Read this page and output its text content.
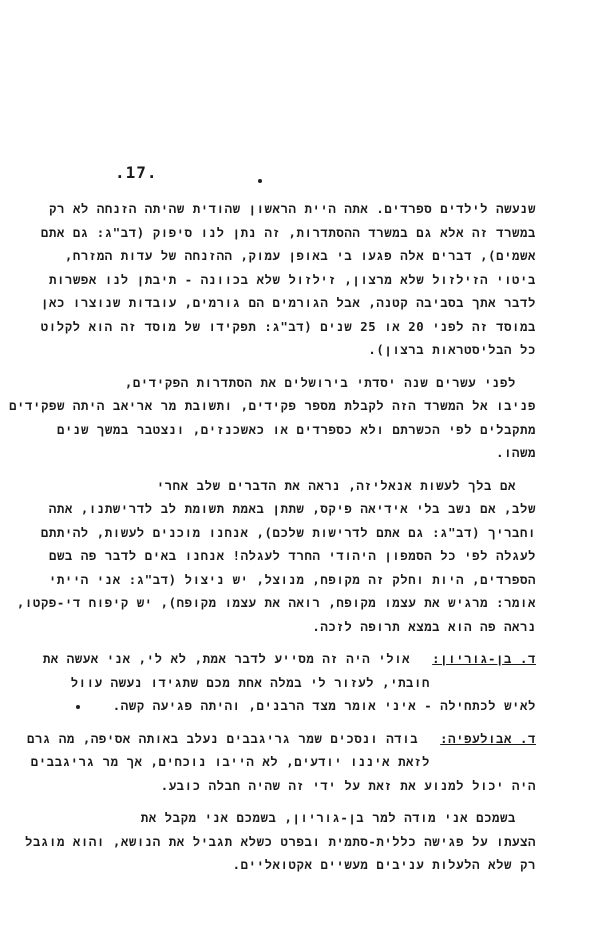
.17.
שנעשה לילדים ספרדים. אתה היית הראשון שהודית שהיתה הזנחה לא רק
במשרד זה אלא גם במשרד ההסתדרות, זה נתן לנו סיפוק (דב"ג: גם אתם
אשמים), דברים אלה פגעו בי באופן עמוק, ההזנחה של עדות המזרח,
ביטוי הזילזול שלא מרצון, זילזול שלא בכוונה - תיבתן לנו אפשרות
לדבר אתך בסביבה קטנה, אבל הגורמים הם גורמים, עובדות שנוצרו כאן
במוסד זה לפני 20 או 25 שנים (דב"ג: תפקידו של מוסד זה הוא לקלוט
כל הבליסטראות ברצון).
לפני עשרים שנה יסדתי בירושלים את הסתדרות הפקידים,
פניבו אל המשרד הזה לקבלת מספר פקידים, ותשובת מר אריאב היתה שפקידים
מתקבלים לפי הכשרתם ולא כספרדים או כאשכנזים, ונצטבר במשך שנים
משהו.
אם בלך לעשות אנאליזה, נראה את הדברים שלב אחרי
שלב, אם נשב בלי אידיאה פיקס, שתתן באמת תשומת לב לדרישתנו, אתה
וחבריך (דב"ג: גם אתם לדרישות שלכם), אנחנו מוכנים לעשות, להיתתם
לעגלה לפי כל הסמפון היהודי החרד לעגלה! אנחנו באים לדבר פה בשם
הספרדים, היות וחלק זה מקופח, מנוצל, יש ניצול (דב"ג: אני הייתי
אומר: מרגיש את עצמו מקופח, רואה את עצמו מקופח), יש קיפוח די-פקטו,
נראה פה הוא במצא תרופה לזכה.
ד. בן-גוריון:אולי היה זה מסייע לדבר אמת, לא לי, אני אעשה את
חובתי, לעזור לי במלה אחת מכם שתגידו נעשה עוול
לאיש לכתחילה - איני אומר מצד הרבנים, והיתה פגיעה קשה.
ד. אבולעפיה:בודה ונסכים שמר גריגבבים נעלב באותה אסיפה, מה גרם
לזאת איננו יודעים, לא הייבו נוכחים, אך מר גריגבבים
היה יכול למנוע את זאת על ידי זה שהיה חבלה כובע.
בשמכם אני מודה למר בן-גוריון, בשמכם אני מקבל את
הצעתו על פגישה כללית-סתמית ובפרט כשלא תגביל את הנושא, והוא מוגבל
רק שלא הלעלות עניבים מעשיים אקטואליים.
